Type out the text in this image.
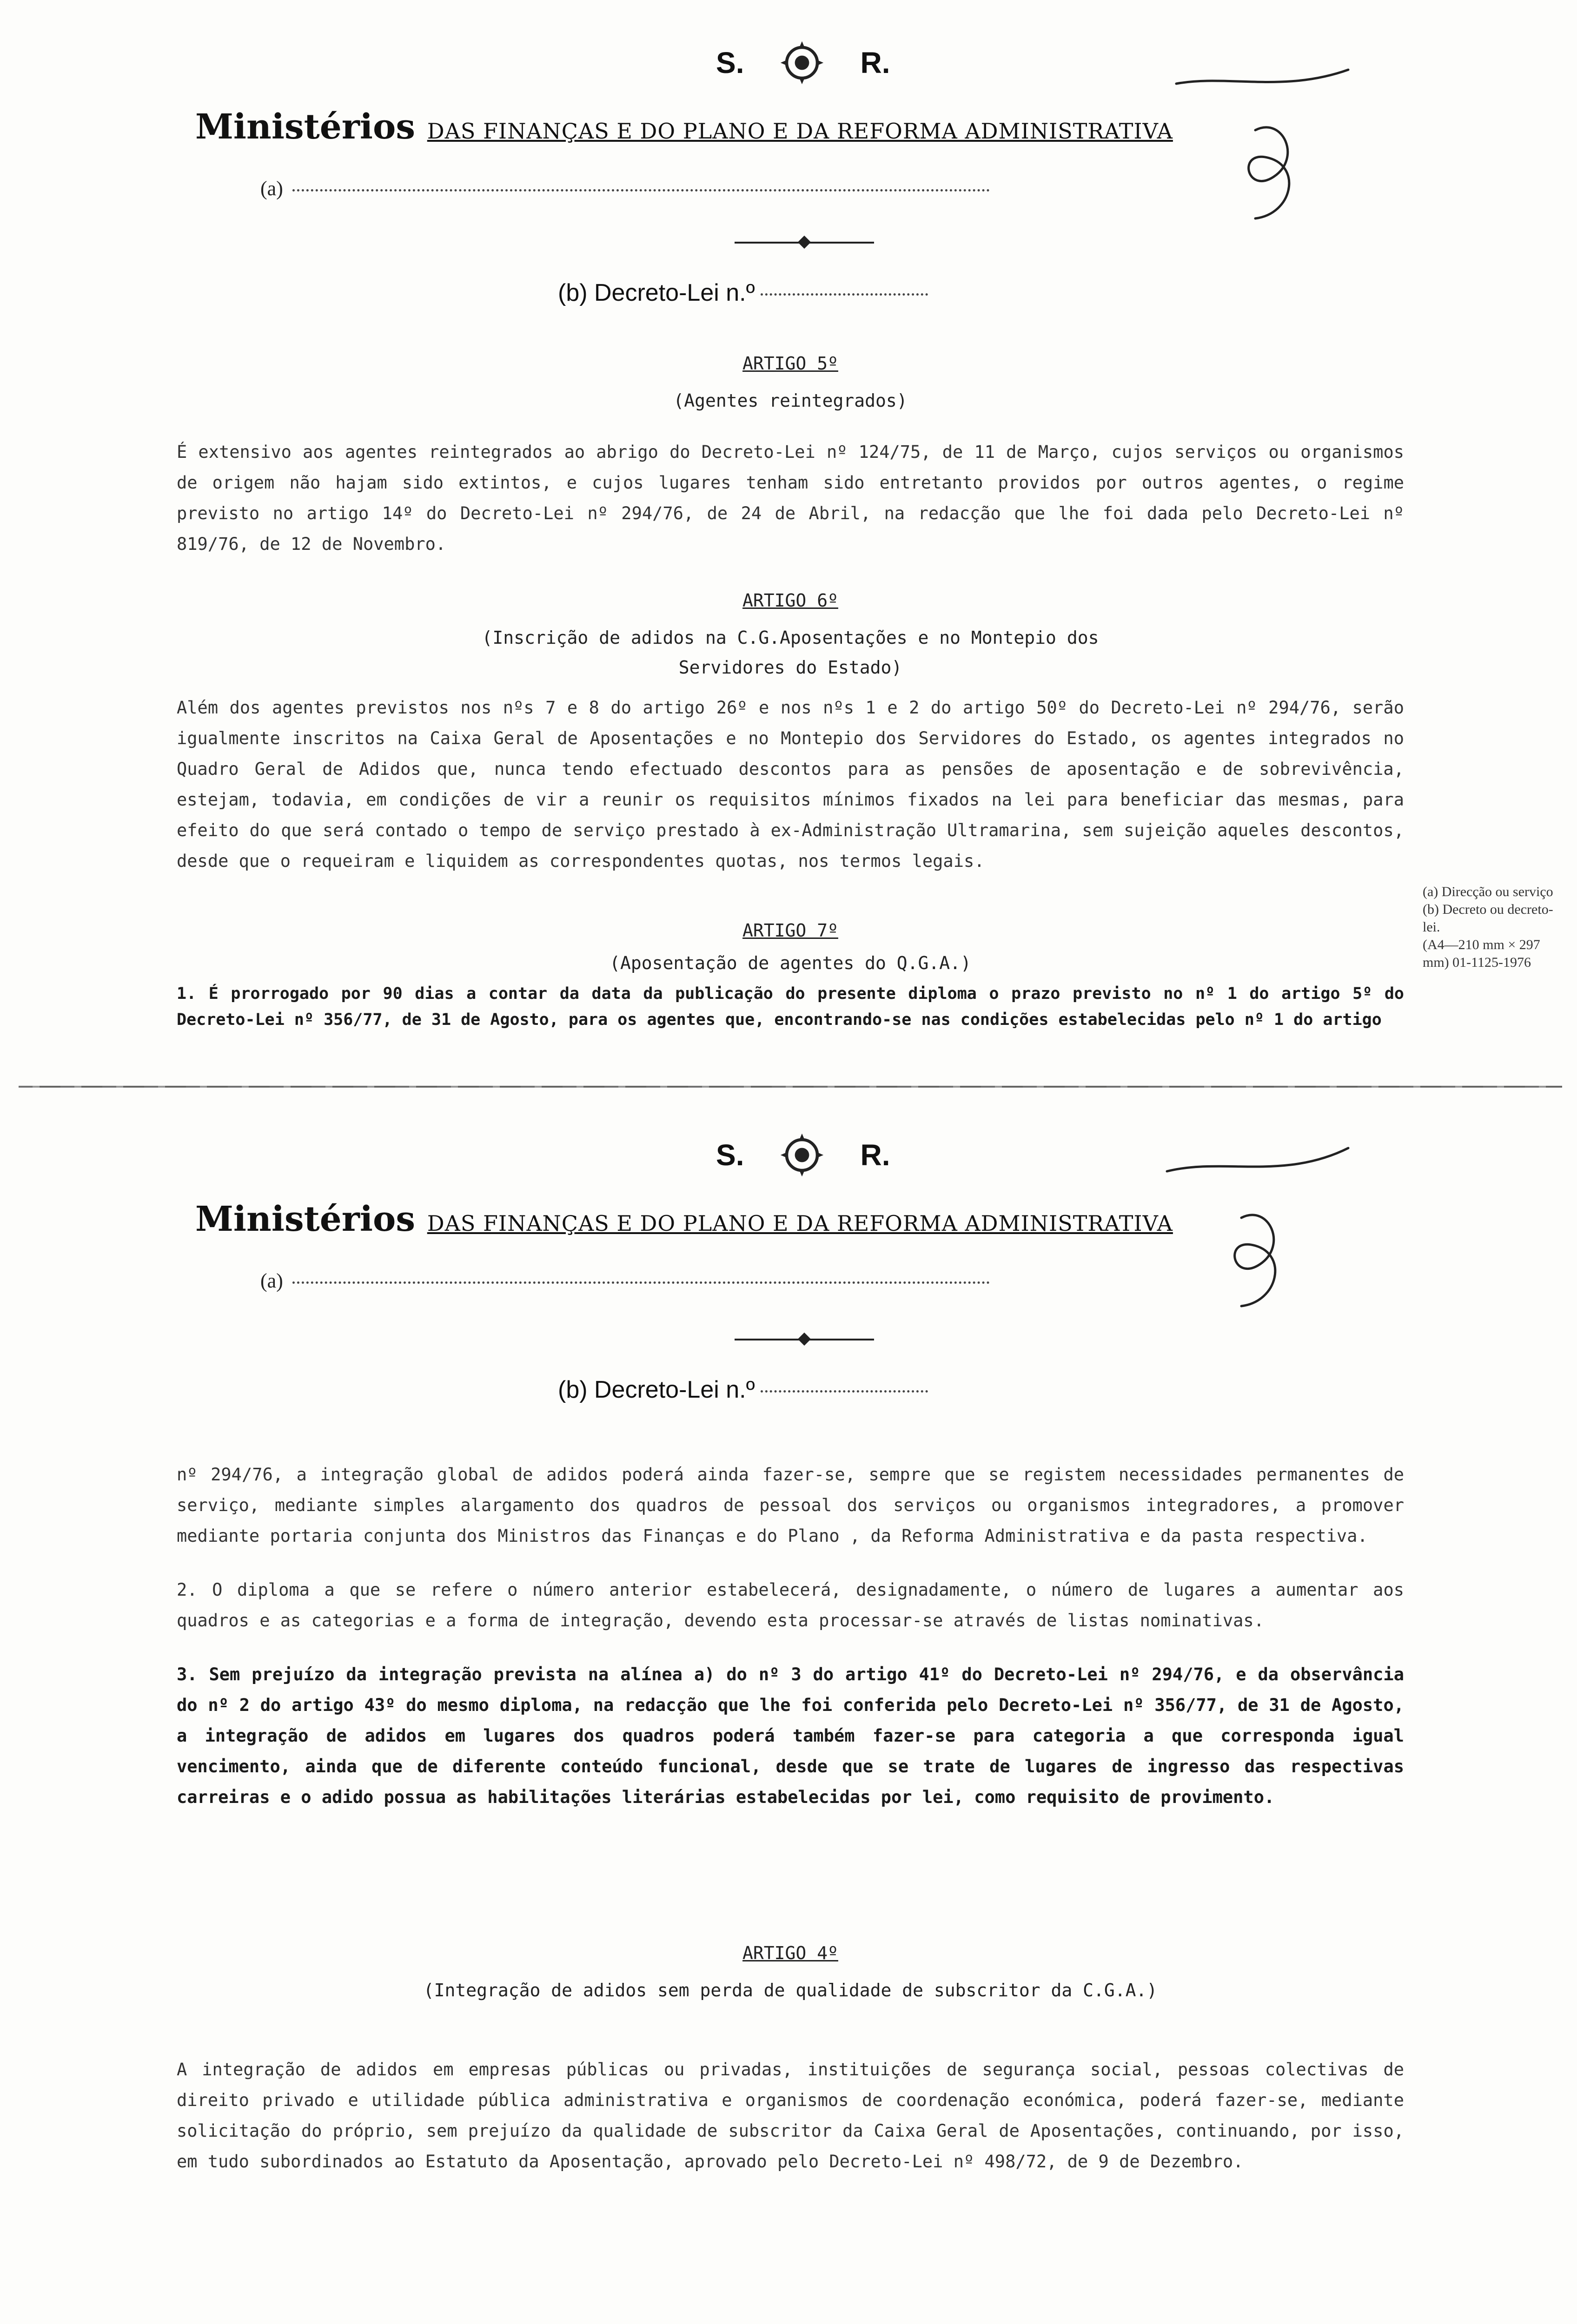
S.	R.
Ministérios DAS FINANÇAS E DO PLANO E DA REFORMA ADMINISTRATIVA
(a)
(b) Decreto-Lei n.º
ARTIGO 5º
(Agentes reintegrados)

É extensivo aos agentes reintegrados ao abrigo do Decreto-Lei nº 124/75, de 11 de Março, cujos serviços ou organismos de origem não hajam sido extintos, e cujos lugares tenham sido entretanto providos por outros agentes, o regime previsto no artigo 14º do Decreto-Lei nº 294/76, de 24 de Abril, na redacção que lhe foi dada pelo Decreto-Lei nº 819/76, de 12 de Novembro.

ARTIGO 6º
(Inscrição de adidos na C.G.Aposentações e no Montepio dos Servidores do Estado)

Além dos agentes previstos nos nºs 7 e 8 do artigo 26º e nos nºs 1 e 2 do artigo 50º do Decreto-Lei nº 294/76, serão igualmente inscritos na Caixa Geral de Aposentações e no Montepio dos Servidores do Estado, os agentes integrados no Quadro Geral de Adidos que, nunca tendo efectuado descontos para as pensões de aposentação e de sobrevivência, estejam, todavia, em condições de vir a reunir os requisitos mínimos fixados na lei para beneficiar das mesmas, para efeito do que será contado o tempo de serviço prestado à ex-Administração Ultramarina, sem sujeição aqueles descontos, desde que o requeiram e liquidem as correspondentes quotas, nos termos legais.

ARTIGO 7º
(Aposentação de agentes do Q.G.A.)

1. É prorrogado por 90 dias a contar da data da publicação do presente diploma o prazo previsto no nº 1 do artigo 5º do Decreto-Lei nº 356/77, de 31 de Agosto, para os agentes que, encontrando-se nas condições estabelecidas pelo nº 1 do artigo

(a) Direcção ou serviço
(b) Decreto ou decreto-lei.
(A4—210 mm × 297 mm) 01-1125-1976
S.	R.
Ministérios DAS FINANÇAS E DO PLANO E DA REFORMA ADMINISTRATIVA
(a)
(b) Decreto-Lei n.º

nº 294/76, a integração global de adidos poderá ainda fazer-se, sempre que se registem necessidades permanentes de serviço, mediante simples alargamento dos quadros de pessoal dos serviços ou organismos integradores, a promover mediante portaria conjunta dos Ministros das Finanças e do Plano , da Reforma Administrativa e da pasta respectiva.

2. O diploma a que se refere o número anterior estabelecerá, designadamente, o número de lugares a aumentar aos quadros e as categorias e a forma de integração, devendo esta processar-se através de listas nominativas.

3. Sem prejuízo da integração prevista na alínea a) do nº 3 do artigo 41º do Decreto-Lei nº 294/76, e da observância do nº 2 do artigo 43º do mesmo diploma, na redacção que lhe foi conferida pelo Decreto-Lei nº 356/77, de 31 de Agosto, a integração de adidos em lugares dos quadros poderá também fazer-se para categoria a que corresponda igual vencimento, ainda que de diferente conteúdo funcional, desde que se trate de lugares de ingresso das respectivas carreiras e o adido possua as habilitações literárias estabelecidas por lei, como requisito de provimento.

ARTIGO 4º
(Integração de adidos sem perda de qualidade de subscritor da C.G.A.)

A integração de adidos em empresas públicas ou privadas, instituições de segurança social, pessoas colectivas de direito privado e utilidade pública administrativa e organismos de coordenação económica, poderá fazer-se, mediante solicitação do próprio, sem prejuízo da qualidade de subscritor da Caixa Geral de Aposentações, continuando, por isso, em tudo subordinados ao Estatuto da Aposentação, aprovado pelo Decreto-Lei nº 498/72, de 9 de Dezembro.
